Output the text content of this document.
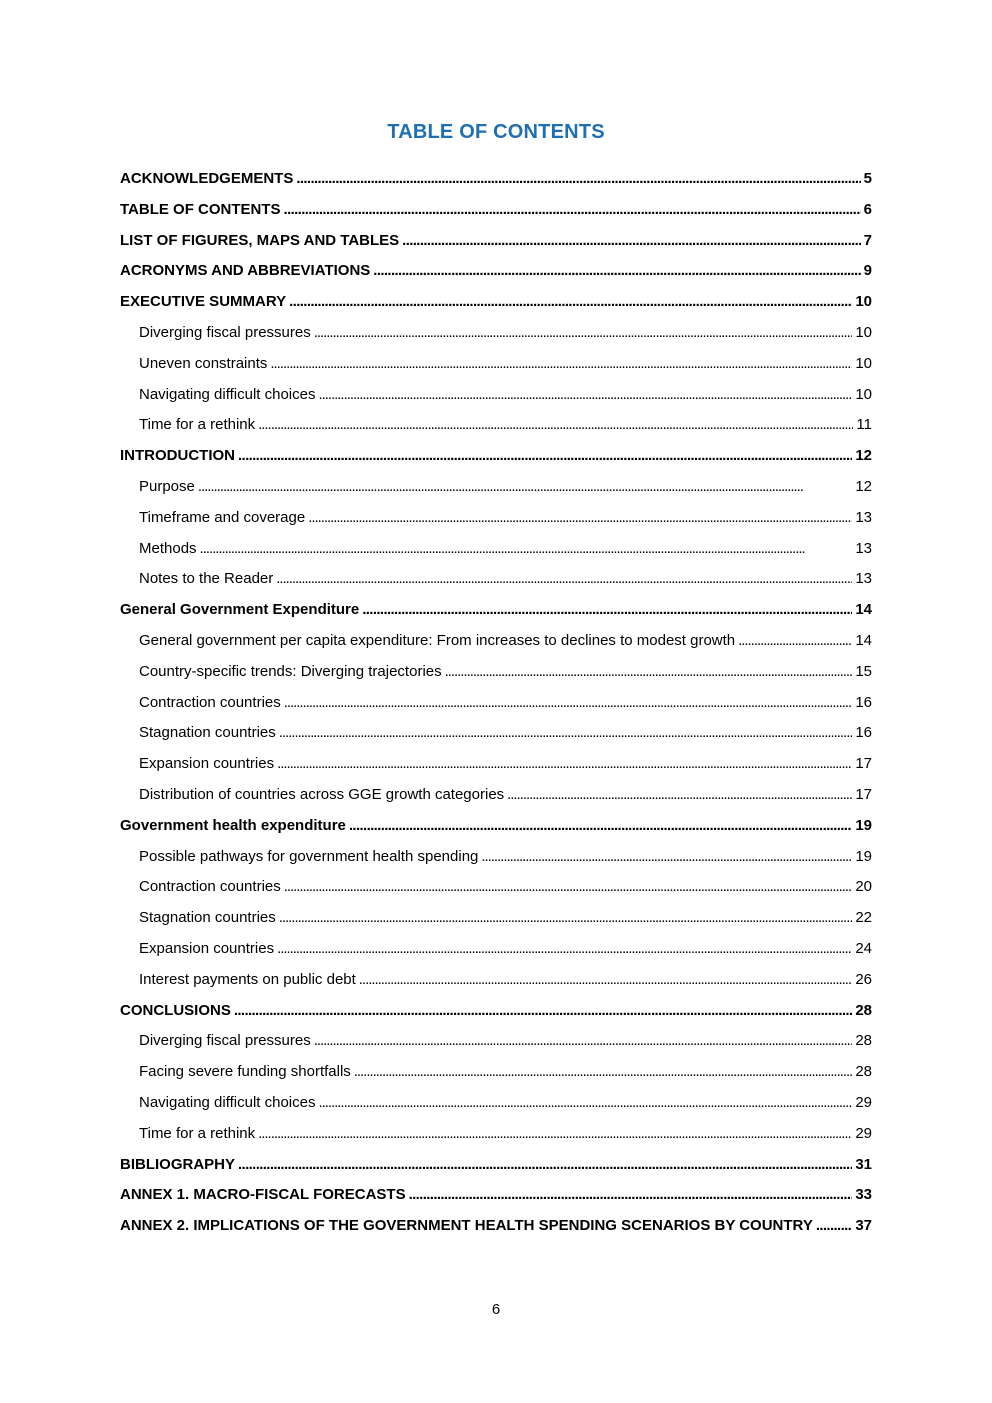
TABLE OF CONTENTS
ACKNOWLEDGEMENTS . . .	5
TABLE OF CONTENTS . . .	6
LIST OF FIGURES, MAPS AND TABLES . . .	7
ACRONYMS AND ABBREVIATIONS . . .	9
EXECUTIVE SUMMARY . . .	10
Diverging fiscal pressures . . .	10
Uneven constraints . . .	10
Navigating difficult choices . . .	10
Time for a rethink . . .	11
INTRODUCTION . . .	12
Purpose . . .	12
Timeframe and coverage . . .	13
Methods . . .	13
Notes to the Reader . . .	13
General Government Expenditure . . .	14
General government per capita expenditure: From increases to declines to modest growth . . .	14
Country-specific trends: Diverging trajectories . . .	15
Contraction countries . . .	16
Stagnation countries . . .	16
Expansion countries . . .	17
Distribution of countries across GGE growth categories . . .	17
Government health expenditure . . .	19
Possible pathways for government health spending . . .	19
Contraction countries . . .	20
Stagnation countries . . .	22
Expansion countries . . .	24
Interest payments on public debt . . .	26
CONCLUSIONS . . .	28
Diverging fiscal pressures . . .	28
Facing severe funding shortfalls . . .	28
Navigating difficult choices . . .	29
Time for a rethink . . .	29
BIBLIOGRAPHY . . .	31
ANNEX 1. MACRO-FISCAL FORECASTS . . .	33
ANNEX 2. IMPLICATIONS OF THE GOVERNMENT HEALTH SPENDING SCENARIOS BY COUNTRY . . .	37
6
